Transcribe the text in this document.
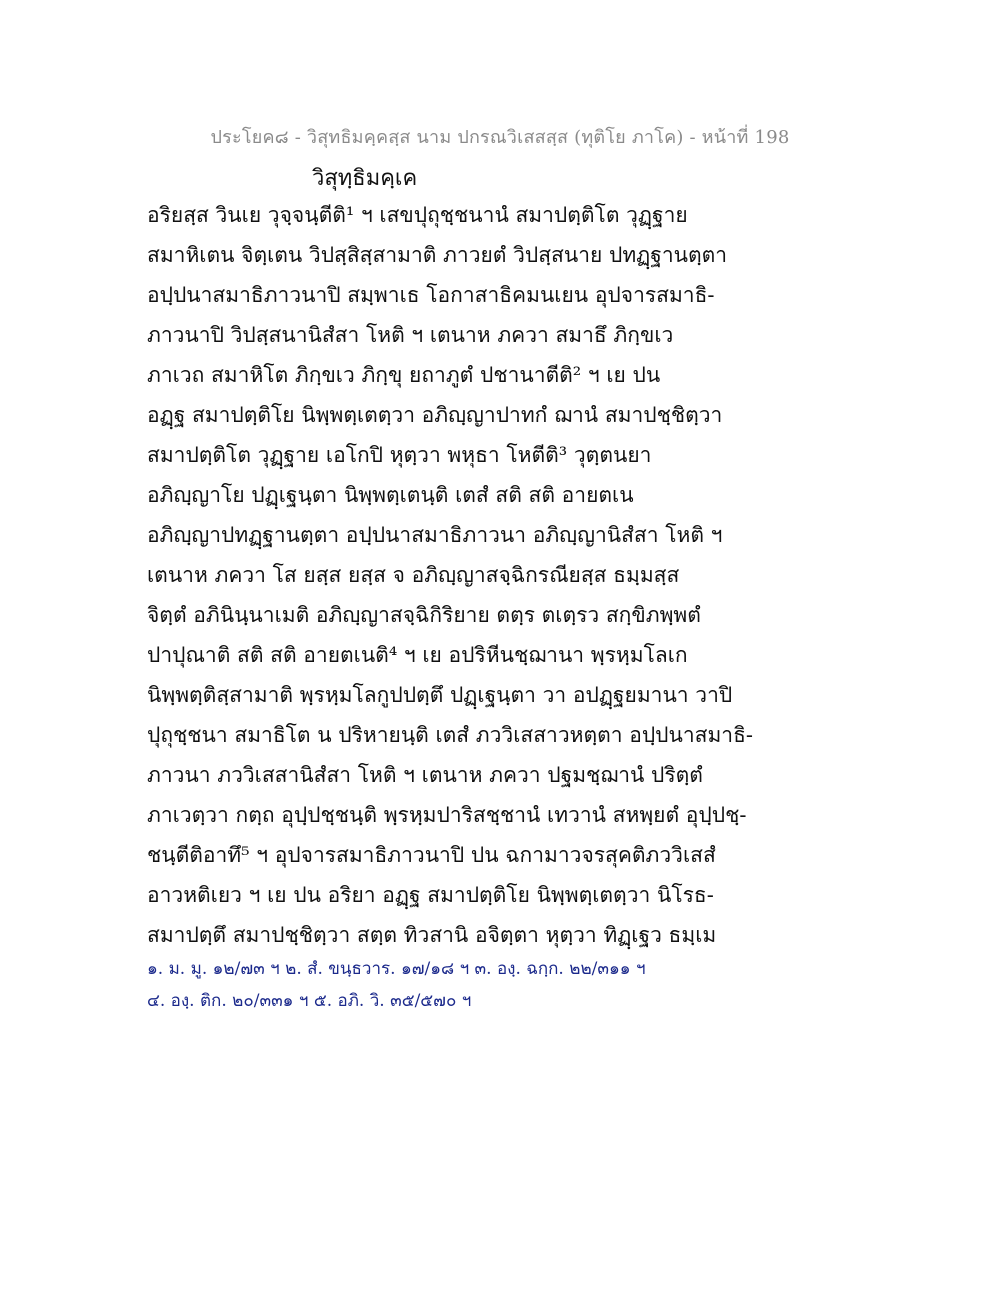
ประโยค๘ - วิสุทธิมคฺคสฺส นาม ปกรณวิเสสสฺส (ทุติโย ภาโค) - หน้าที่ 198
วิสุทฺธิมคฺเค
อริยสฺส วินเย วุจฺจนฺตีติ¹ ฯ เสขปุถุชฺชนานํ สมาปตฺติโต วุฏฺฐาย
สมาหิเตน จิตฺเตน วิปสฺสิสฺสามาติ ภาวยตํ วิปสฺสนาย ปทฏฺฐานตฺตา
อปฺปนาสมาธิภาวนาปิ สมฺพาเธ โอกาสาธิคมนเยน อุปจารสมาธิ-
ภาวนาปิ วิปสฺสนานิสํสา โหติ ฯ เตนาห ภควา สมาธึ ภิกฺขเว
ภาเวถ สมาหิโต ภิกฺขเว ภิกฺขุ ยถาภูตํ ปชานาตีติ² ฯ เย ปน
อฏฺฐ สมาปตฺติโย นิพฺพตฺเตตฺวา อภิญฺญาปาทกํ ฌานํ สมาปชฺชิตฺวา
สมาปตฺติโต วุฏฺฐาย เอโกปิ หุตฺวา พหุธา โหตีติ³ วุตฺตนยา
อภิญฺญาโย ปฏฺเฐนฺตา นิพฺพตฺเตนฺติ เตสํ สติ สติ อายตเน
อภิญฺญาปทฏฺฐานตฺตา อปฺปนาสมาธิภาวนา อภิญฺญานิสํสา โหติ ฯ
เตนาห ภควา โส ยสฺส ยสฺส จ อภิญฺญาสจฺฉิกรณียสฺส ธมฺมสฺส
จิตฺตํ อภินินฺนาเมติ อภิญฺญาสจฺฉิกิริยาย ตตฺร ตเตฺรว สกฺขิภพฺพตํ
ปาปุณาติ สติ สติ อายตเนติ⁴ ฯ เย อปริหีนชฺฌานา พฺรหฺมโลเก
นิพฺพตฺติสฺสามาติ พฺรหฺมโลกูปปตฺตึ ปฏฺเฐนฺตา วา อปฏฺฐยมานา วาปิ
ปุถุชฺชนา สมาธิโต น ปริหายนฺติ เตสํ ภววิเสสาวหตฺตา อปฺปนาสมาธิ-
ภาวนา ภววิเสสานิสํสา โหติ ฯ เตนาห ภควา ปฐมชฺฌานํ ปริตฺตํ
ภาเวตฺวา กตฺถ อุปฺปชฺชนฺติ พฺรหฺมปาริสชฺชานํ เทวานํ สหพฺยตํ อุปฺปชฺ-
ชนฺตีติอาทึ⁵ ฯ อุปจารสมาธิภาวนาปิ ปน ฉกามาวจรสุคติภววิเสสํ
อาวหติเยว ฯ เย ปน อริยา อฏฺฐ สมาปตฺติโย นิพฺพตฺเตตฺวา นิโรธ-
สมาปตฺตึ สมาปชฺชิตฺวา สตฺต ทิวสานิ อจิตฺตา หุตฺวา ทิฏฺเฐว ธมฺเม
๑. ม. มู. ๑๒/๗๓ ฯ ๒. สํ. ขนฺธวาร. ๑๗/๑๘ ฯ ๓. องฺ. ฉกฺก. ๒๒/๓๑๑ ฯ
๔. องฺ. ติก. ๒๐/๓๓๑ ฯ ๕. อภิ. วิ. ๓๕/๕๗๐ ฯ
